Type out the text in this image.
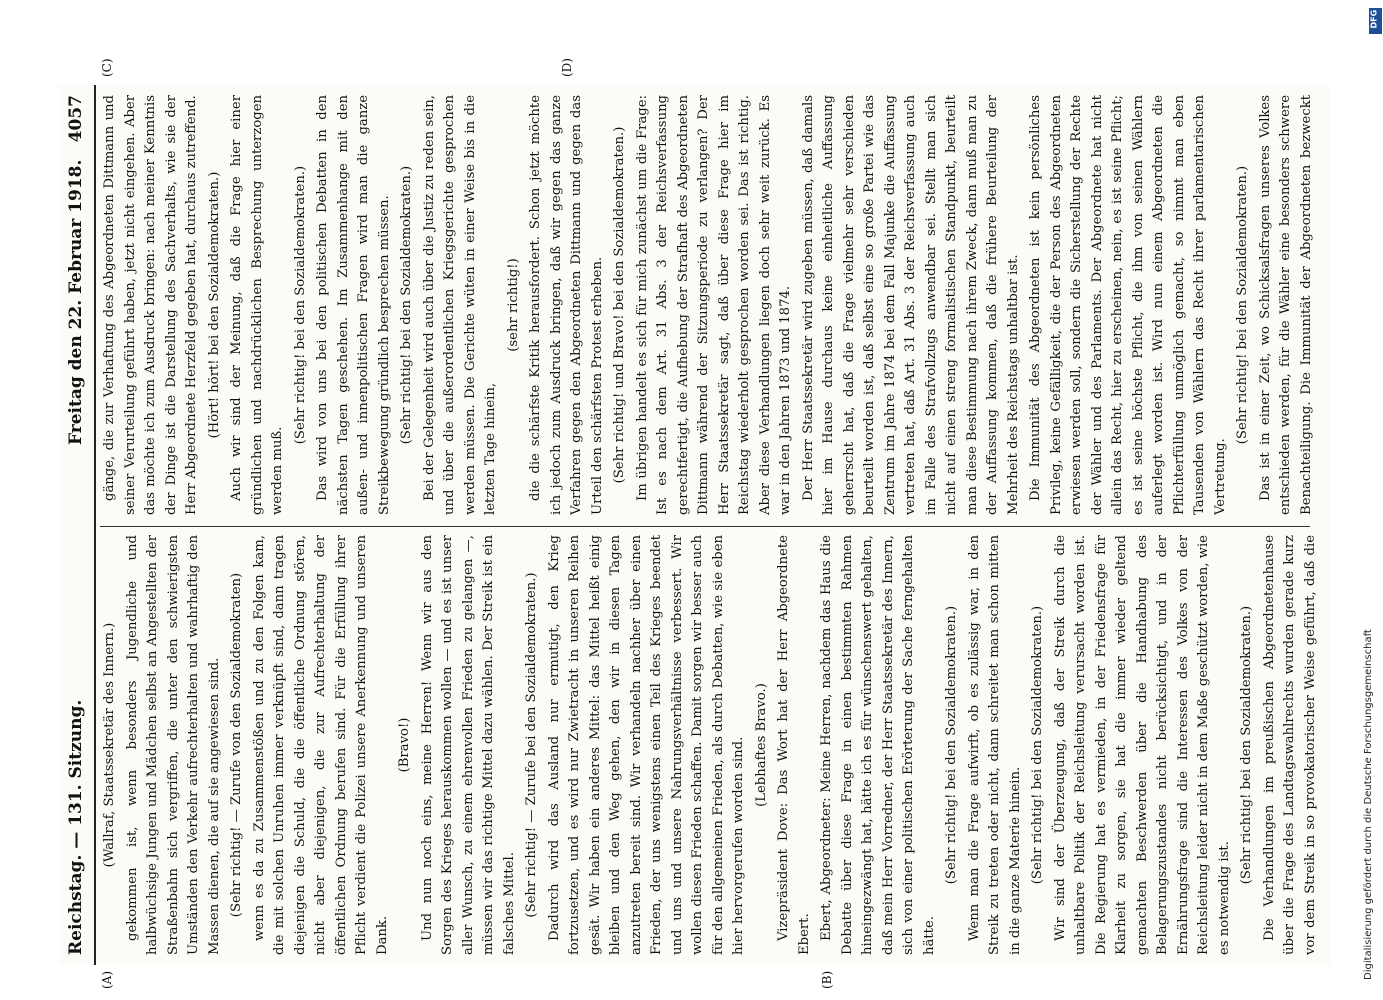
Reichstag. — 131. Sitzung.
Freitag den 22. Februar 1918.
4057
(A)	(B)
(C)	(D)

(Wallraf, Staatssekretär des Innern.) gekommen ist, wenn besonders Jugendliche und halbwüchsige Jungen und Mädchen selbst an Angestellten der Straßenbahn sich vergriffen, die unter den schwierigsten Umständen den Verkehr aufrechterhalten und wahrhaftig den Massen dienen, die auf sie angewiesen sind. (Sehr richtig! — Zurufe von den Sozialdemokraten) wenn es da zu Zusammenstößen und zu den Folgen kam, die mit solchen Unruhen immer verknüpft sind, dann tragen diejenigen die Schuld, die die öffentliche Ordnung stören, nicht aber diejenigen, die zur Aufrechterhaltung der öffentlichen Ordnung berufen sind. Für die Erfüllung ihrer Pflicht verdient die Polizei unsere Anerkennung und unseren Dank.

(Bravo!) Und nun noch eins, meine Herren! Wenn wir aus den Sorgen des Krieges herauskommen wollen — und es ist unser aller Wunsch, zu einem ehrenvollen Frieden zu gelangen —, müssen wir das richtige Mittel dazu wählen. Der Streik ist ein falsches Mittel. (Sehr richtig! — Zurufe bei den Sozialdemokraten.) Dadurch wird das Ausland nur ermutigt, den Krieg fortzusetzen, und es wird nur Zwietracht in unseren Reihen gesät. Wir haben ein anderes Mittel: das Mittel heißt einig bleiben und den Weg gehen, den wir in diesen Tagen anzutreten bereit sind. Wir verhandeln nachher über einen Frieden, der uns wenigstens einen Teil des Krieges beendet und uns und unsere Nahrungsverhältnisse verbessert. Wir wollen diesen Frieden schaffen. Damit sorgen wir besser auch für den allgemeinen Frieden, als durch Debatten, wie sie eben hier hervorgerufen worden sind. (Lebhaftes Bravo.) Vizepräsident Dove: Das Wort hat der Herr Abgeordnete Ebert. Ebert, Abgeordneter: Meine Herren, nachdem das Haus die Debatte über diese Frage in einen bestimmten Rahmen hineingezwängt hat, hätte ich es für wünschenswert gehalten, daß mein Herr Vorredner, der Herr Staatssekretär des Innern, sich von einer politischen Erörterung der Sache ferngehalten hätte.

(Sehr richtig! bei den Sozialdemokraten.) Wenn man die Frage aufwirft, ob es zulässig war, in den Streik zu treten oder nicht, dann schreitet man schon mitten in die ganze Materie hinein. (Sehr richtig! bei den Sozialdemokraten.) Wir sind der Überzeugung, daß der Streik durch die unhaltbare Politik der Reichsleitung verursacht worden ist. Die Regierung hat es vermieden, in der Friedensfrage für Klarheit zu sorgen, sie hat die immer wieder geltend gemachten Beschwerden über die Handhabung des Belagerungszustandes nicht berücksichtigt, und in der Ernährungsfrage sind die Interessen des Volkes von der Reichsleitung leider nicht in dem Maße geschützt worden, wie es notwendig ist.

(Sehr richtig! bei den Sozialdemokraten.)

Die Verhandlungen im preußischen Abgeordnetenhause über die Frage des Landtagswahlrechts wurden gerade kurz vor dem Streik in so provokatorischer Weise geführt, daß die

gänge, die zur Verhaftung des Abgeordneten Dittmann und seiner Verurteilung geführt haben, jetzt nicht eingehen. Aber das möchte ich zum Ausdruck bringen: nach meiner Kenntnis der Dinge ist die Darstellung des Sachverhalts, wie sie der Herr Abgeordnete Herzfeld gegeben hat, durchaus zutreffend. (Hört! hört! bei den Sozialdemokraten.) Auch wir sind der Meinung, daß die Frage hier einer gründlichen und nachdrücklichen Besprechung unterzogen werden muß.

(Sehr richtig! bei den Sozialdemokraten.) Das wird von uns bei den politischen Debatten in den nächsten Tagen geschehen. Im Zusammenhange mit den außen- und innenpolitischen Fragen wird man die ganze Streikbewegung gründlich besprechen müssen. (Sehr richtig! bei den Sozialdemokraten.) Bei der Gelegenheit wird auch über die Justiz zu reden sein, und über die außerordentlichen Kriegsgerichte gesprochen werden müssen. Die Gerichte wüten in einer Weise bis in die letzten Tage hinein,

(sehr richtig!) die die schärfste Kritik herausfordert. Schon jetzt möchte ich jedoch zum Ausdruck bringen, daß wir gegen das ganze Verfahren gegen den Abgeordneten Dittmann und gegen das Urteil den schärfsten Protest erheben. (Sehr richtig! und Bravo! bei den Sozialdemokraten.) Im übrigen handelt es sich für mich zunächst um die Frage: Ist es nach dem Art. 31 Abs. 3 der Reichsverfassung gerechtfertigt, die Aufhebung der Strafhaft des Abgeordneten Dittmann während der Sitzungsperiode zu verlangen? Der Herr Staatssekretär sagt, daß über diese Frage hier im Reichstag wiederholt gesprochen worden sei. Das ist richtig. Aber diese Verhandlungen liegen doch sehr weit zurück. Es war in den Jahren 1873 und 1874. Der Herr Staatssekretär wird zugeben müssen, daß damals hier im Hause durchaus keine einheitliche Auffassung geherrscht hat, daß die Frage vielmehr sehr verschieden beurteilt worden ist, daß selbst eine so große Partei wie das Zentrum im Jahre 1874 bei dem Fall Majunke die Auffassung vertreten hat, daß Art. 31 Abs. 3 der Reichsverfassung auch im Falle des Strafvollzugs anwendbar sei. Stellt man sich nicht auf einen streng formalistischen Standpunkt, beurteilt man diese Bestimmung nach ihrem Zweck, dann muß man zu der Auffassung kommen, daß die frühere Beurteilung der Mehrheit des Reichstags unhaltbar ist. Die Immunität des Abgeordneten ist kein persönliches Privileg, keine Gefälligkeit, die der Person des Abgeordneten erwiesen werden soll, sondern die Sicherstellung der Rechte der Wähler und des Parlaments. Der Abgeordnete hat nicht allein das Recht, hier zu erscheinen, nein, es ist seine Pflicht; es ist seine höchste Pflicht, die ihm von seinen Wählern auferlegt worden ist. Wird nun einem Abgeordneten die Pflichterfüllung unmöglich gemacht, so nimmt man eben Tausenden von Wählern das Recht ihrer parlamentarischen Vertretung.

(Sehr richtig! bei den Sozialdemokraten.)

Das ist in einer Zeit, wo Schicksalsfragen unseres Volkes entschieden werden, für die Wähler eine besonders schwere Benachteiligung. Die Immunität der Abgeordneten bezweckt

DFG
Digitalisierung gefördert durch die Deutsche Forschungsgemeinschaft
